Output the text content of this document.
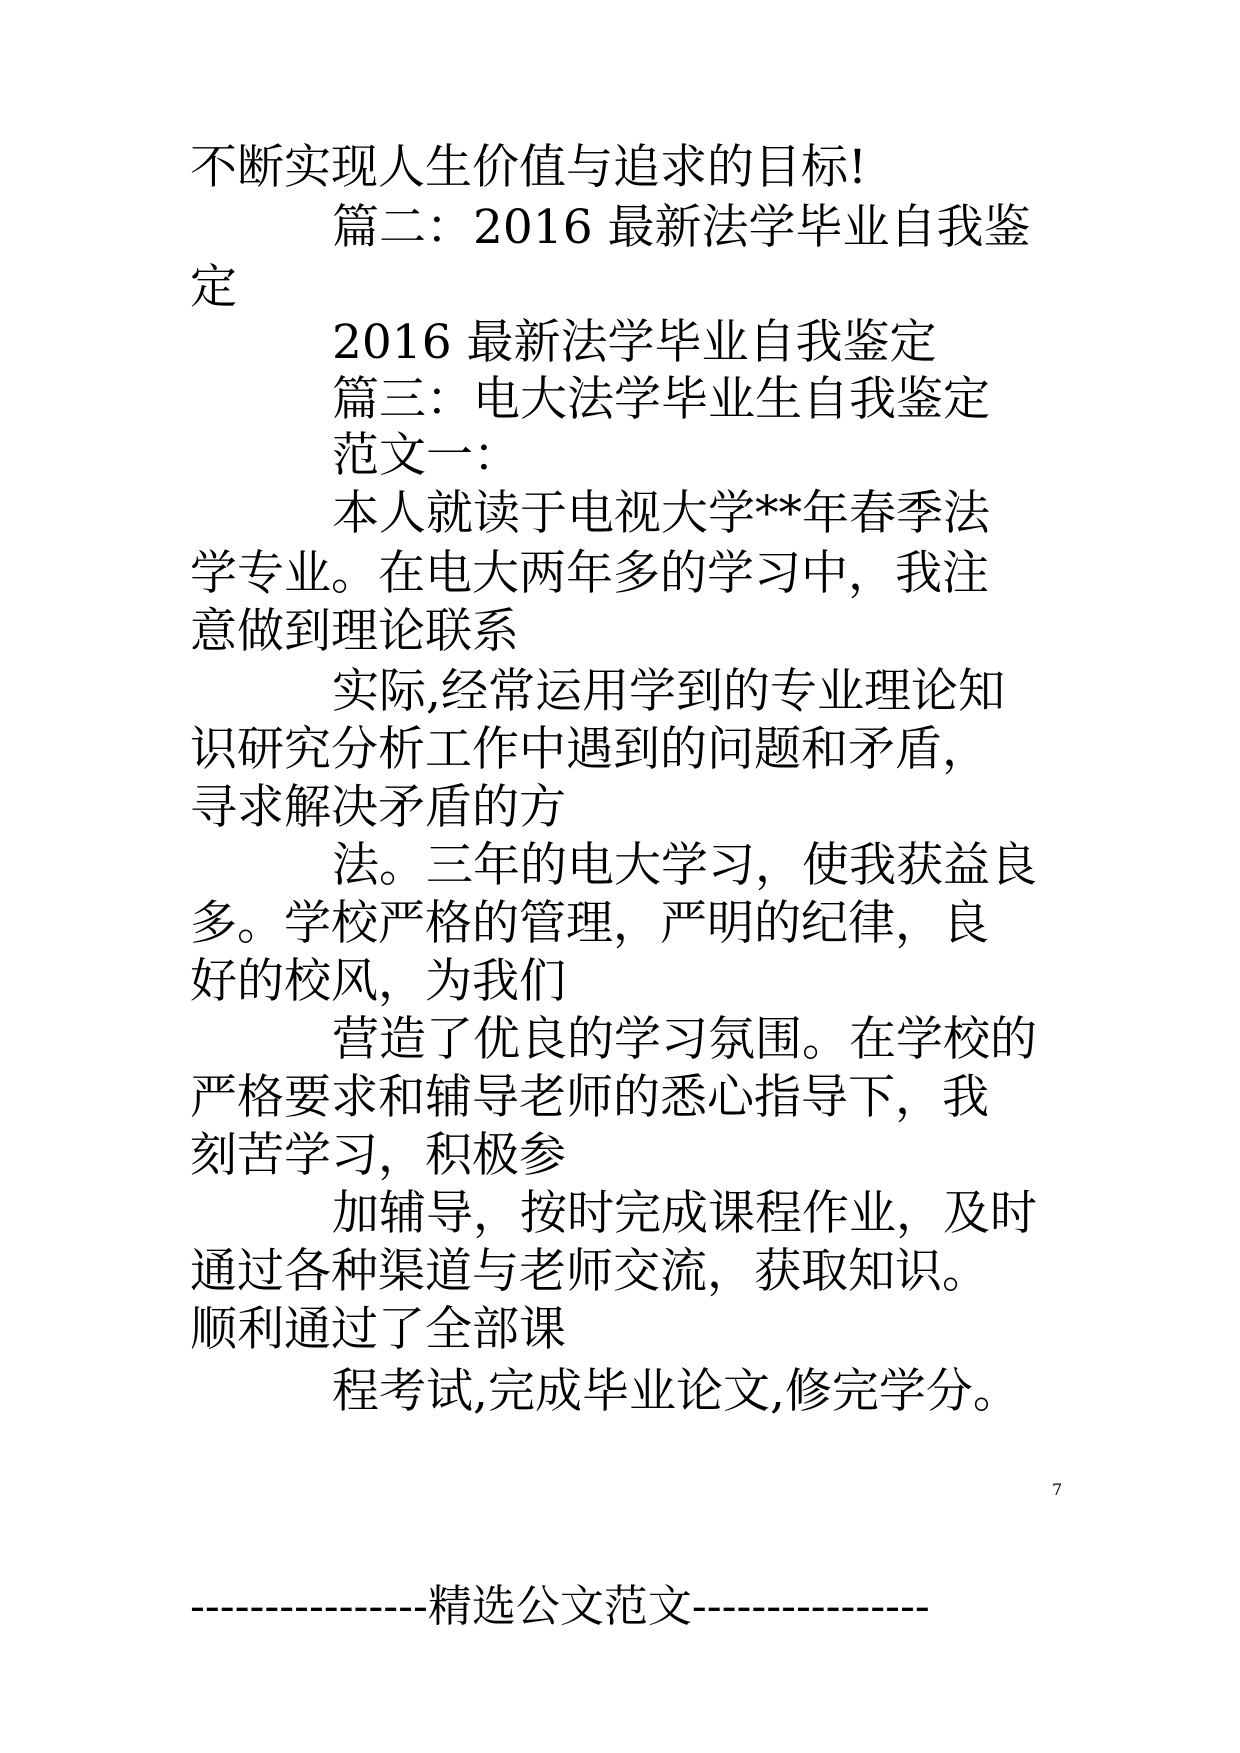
不断实现人生价值与追求的目标!
篇二：2016 最新法学毕业自我鉴
定
2016 最新法学毕业自我鉴定
篇三：电大法学毕业生自我鉴定
范文一：
本人就读于电视大学**年春季法
学专业。在电大两年多的学习中，我注
意做到理论联系
实际,经常运用学到的专业理论知
识研究分析工作中遇到的问题和矛盾，
寻求解决矛盾的方
法。三年的电大学习，使我获益良
多。学校严格的管理，严明的纪律，良
好的校风，为我们
营造了优良的学习氛围。在学校的
严格要求和辅导老师的悉心指导下，我
刻苦学习，积极参
加辅导，按时完成课程作业，及时
通过各种渠道与老师交流，获取知识。
顺利通过了全部课
程考试,完成毕业论文,修完学分。
7
----------------精选公文范文----------------
